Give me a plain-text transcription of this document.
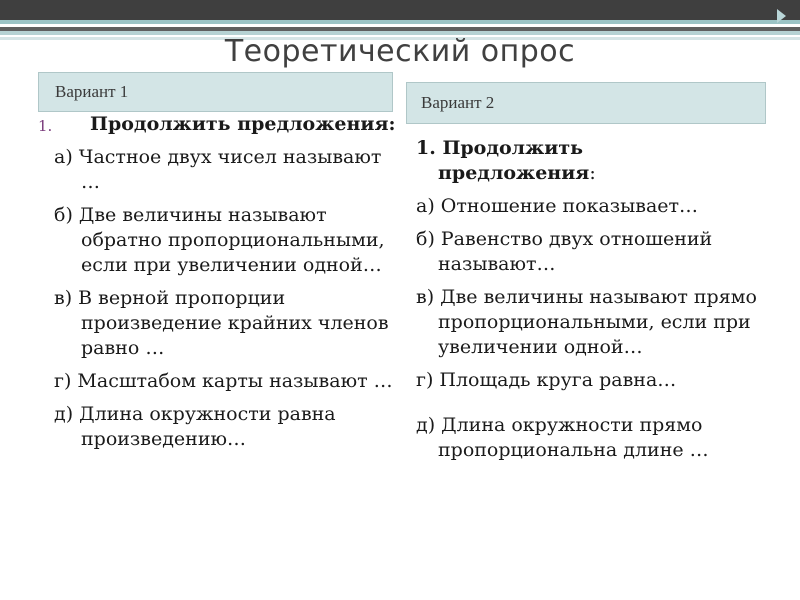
Теоретический опрос
Вариант 1
Вариант 2
1. Продолжить предложения:
а) Частное двух чисел называют …
б) Две величины называют обратно пропорциональными, если при увеличении одной…
в) В верной пропорции произведение крайних членов равно …
г) Масштабом карты называют …
д) Длина окружности равна произведению…
1. Продолжить
предложения:
а) Отношение показывает…
б) Равенство двух отношений называют…
в) Две величины называют прямо пропорциональными, если при увеличении одной…
г) Площадь круга равна…
д) Длина окружности прямо пропорциональна длине …
